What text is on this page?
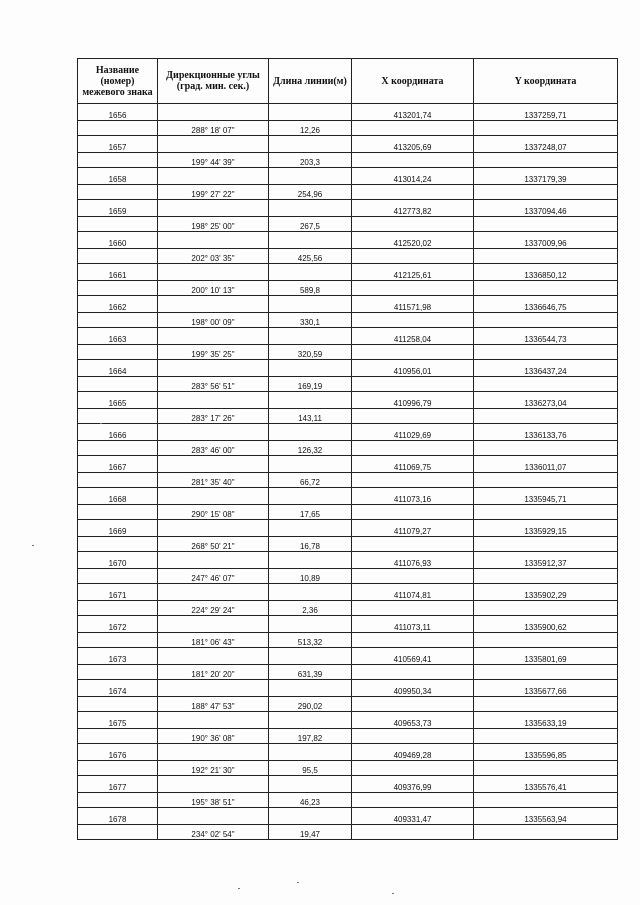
Название (номер) межевого знака	Дирекционные углы (град. мин. сек.)	Длина линии(м)	X координата	Y координата
1656			413201,74	1337259,71
	288° 18' 07"	12,26		
1657			413205,69	1337248,07
	199° 44' 39"	203,3		
1658			413014,24	1337179,39
	199° 27' 22"	254,96		
1659			412773,82	1337094,46
	198° 25' 00"	267,5		
1660			412520,02	1337009,96
	202° 03' 35"	425,56		
1661			412125,61	1336850,12
	200° 10' 13"	589,8		
1662			411571,98	1336646,75
	198° 00' 09"	330,1		
1663			411258,04	1336544,73
	199° 35' 25"	320,59		
1664			410956,01	1336437,24
	283° 56' 51"	169,19		
1665			410996,79	1336273,04
	283° 17' 26"	143,11		
1666			411029,69	1336133,76
	283° 46' 00"	126,32		
1667			411069,75	1336011,07
	281° 35' 40"	66,72		
1668			411073,16	1335945,71
	290° 15' 08"	17,65		
1669			411079,27	1335929,15
	268° 50' 21"	16,78		
1670			411076,93	1335912,37
	247° 46' 07"	10,89		
1671			411074,81	1335902,29
	224° 29' 24"	2,36		
1672			411073,11	1335900,62
	181° 06' 43"	513,32		
1673			410569,41	1335801,69
	181° 20' 20"	631,39		
1674			409950,34	1335677,66
	188° 47' 53"	290,02		
1675			409653,73	1335633,19
	190° 36' 08"	197,82		
1676			409469,28	1335596,85
	192° 21' 30"	95,5		
1677			409376,99	1335576,41
	195° 38' 51"	46,23		
1678			409331,47	1335563,94
	234° 02' 54"	19,47		
